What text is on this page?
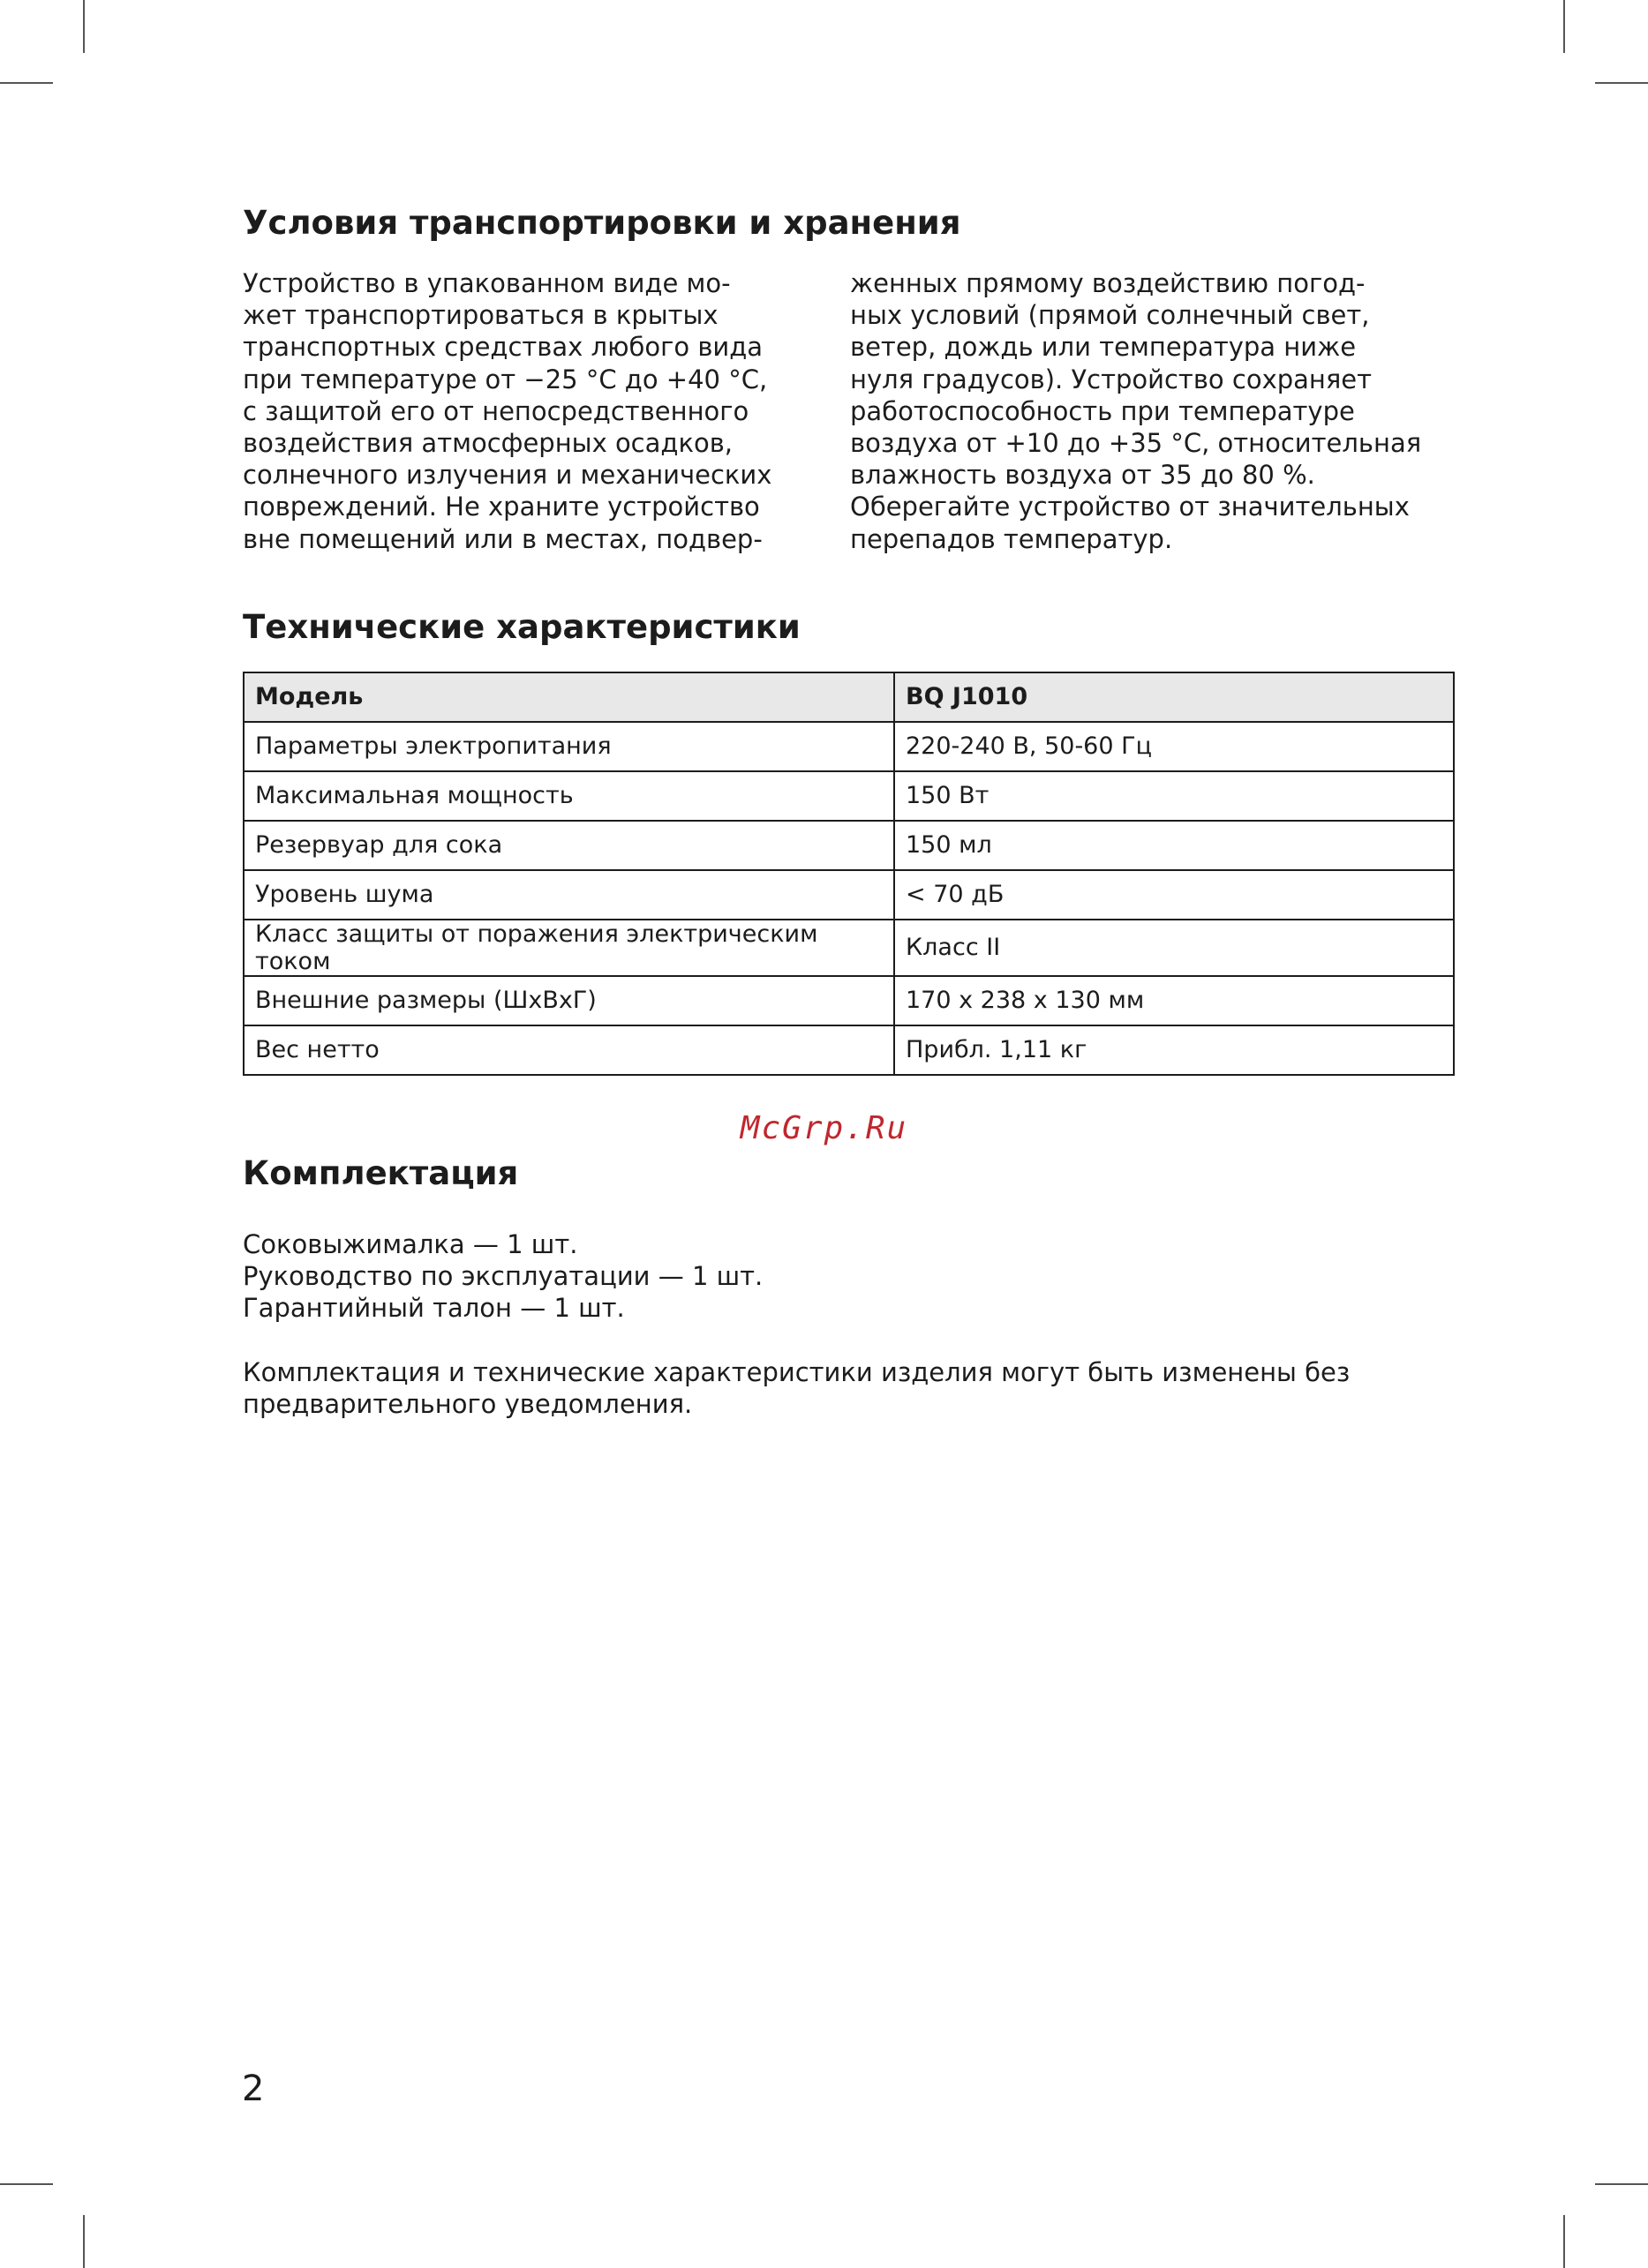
Условия транспортировки и хранения
Устройство в упакованном виде мо-
жет транспортироваться в крытых
транспортных средствах любого вида
при температуре от −25 °C до +40 °C,
с защитой его от непосредственного
воздействия атмосферных осадков,
солнечного излучения и механических
повреждений. Не храните устройство
вне помещений или в местах, подвер-
женных прямому воздействию погод-
ных условий (прямой солнечный свет,
ветер, дождь или температура ниже
нуля градусов). Устройство сохраняет
работоспособность при температуре
воздуха от +10 до +35 °C, относительная
влажность воздуха от 35 до 80 %.
Оберегайте устройство от значительных
перепадов температур.
Технические характеристики
Модель	BQ J1010
Параметры электропитания	220-240 В, 50-60 Гц
Максимальная мощность	150 Вт
Резервуар для сока	150 мл
Уровень шума	< 70 дБ
Класс защиты от поражения электрическим током	Класс II
Внешние размеры (ШxВxГ)	170 x 238 x 130 мм
Вес нетто	Прибл. 1,11 кг
McGrp.Ru
Комплектация
Соковыжималка — 1 шт.
Руководство по эксплуатации — 1 шт.
Гарантийный талон — 1 шт.
Комплектация и технические характеристики изделия могут быть изменены без
предварительного уведомления.
2
